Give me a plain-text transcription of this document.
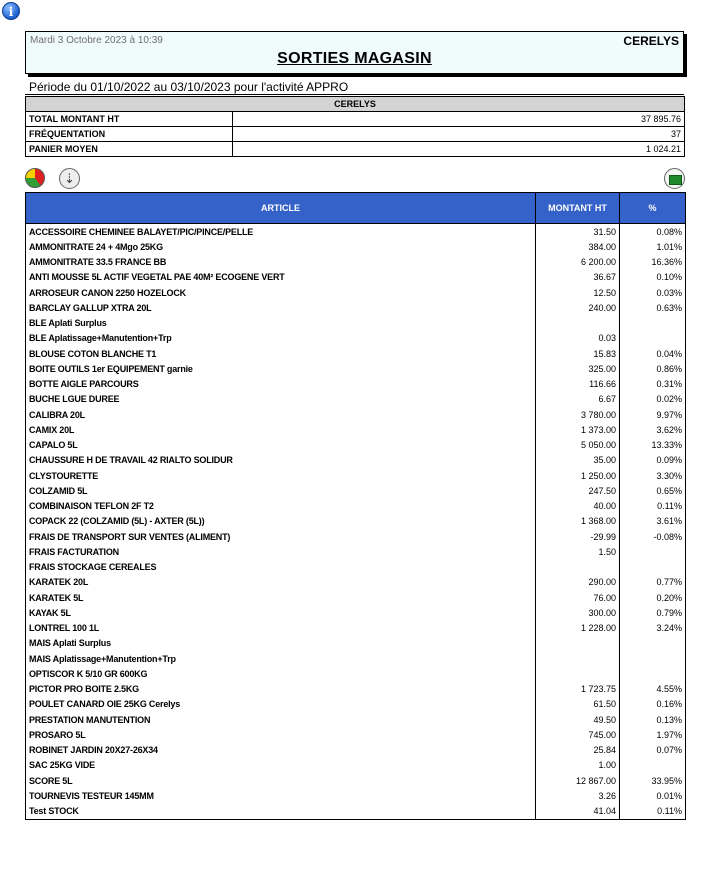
i
Mardi 3 Octobre 2023 à 10:39	CERELYS
SORTIES MAGASIN
Période du 01/10/2022 au 03/10/2023 pour l'activité APPRO
CERELYS	
TOTAL MONTANT HT	37 895.76
FRÉQUENTATION	37
PANIER MOYEN	1 024.21
⇣
ARTICLE	MONTANT HT	%
ACCESSOIRE CHEMINEE BALAYET/PIC/PINCE/PELLE	31.50	0.08%
AMMONITRATE 24 + 4Mgo 25KG	384.00	1.01%
AMMONITRATE 33.5 FRANCE BB	6 200.00	16.36%
ANTI MOUSSE 5L ACTIF VEGETAL PAE 40M² ECOGENE VERT	36.67	0.10%
ARROSEUR CANON 2250 HOZELOCK	12.50	0.03%
BARCLAY GALLUP XTRA 20L	240.00	0.63%
BLE Aplati Surplus		
BLE Aplatissage+Manutention+Trp	0.03	
BLOUSE COTON BLANCHE T1	15.83	0.04%
BOITE OUTILS 1er EQUIPEMENT garnie	325.00	0.86%
BOTTE AIGLE PARCOURS	116.66	0.31%
BUCHE LGUE DUREE	6.67	0.02%
CALIBRA 20L	3 780.00	9.97%
CAMIX 20L	1 373.00	3.62%
CAPALO 5L	5 050.00	13.33%
CHAUSSURE H DE TRAVAIL 42 RIALTO SOLIDUR	35.00	0.09%
CLYSTOURETTE	1 250.00	3.30%
COLZAMID 5L	247.50	0.65%
COMBINAISON TEFLON 2F T2	40.00	0.11%
COPACK 22 (COLZAMID (5L) - AXTER (5L))	1 368.00	3.61%
FRAIS DE TRANSPORT SUR VENTES (ALIMENT)	-29.99	-0.08%
FRAIS FACTURATION	1.50	
FRAIS STOCKAGE CEREALES		
KARATEK 20L	290.00	0.77%
KARATEK 5L	76.00	0.20%
KAYAK 5L	300.00	0.79%
LONTREL 100 1L	1 228.00	3.24%
MAIS Aplati Surplus		
MAIS Aplatissage+Manutention+Trp		
OPTISCOR K 5/10 GR 600KG		
PICTOR PRO BOITE 2.5KG	1 723.75	4.55%
POULET CANARD OIE 25KG Cerelys	61.50	0.16%
PRESTATION MANUTENTION	49.50	0.13%
PROSARO 5L	745.00	1.97%
ROBINET JARDIN 20X27-26X34	25.84	0.07%
SAC 25KG VIDE	1.00	
SCORE 5L	12 867.00	33.95%
TOURNEVIS TESTEUR 145MM	3.26	0.01%
Test STOCK	41.04	0.11%
